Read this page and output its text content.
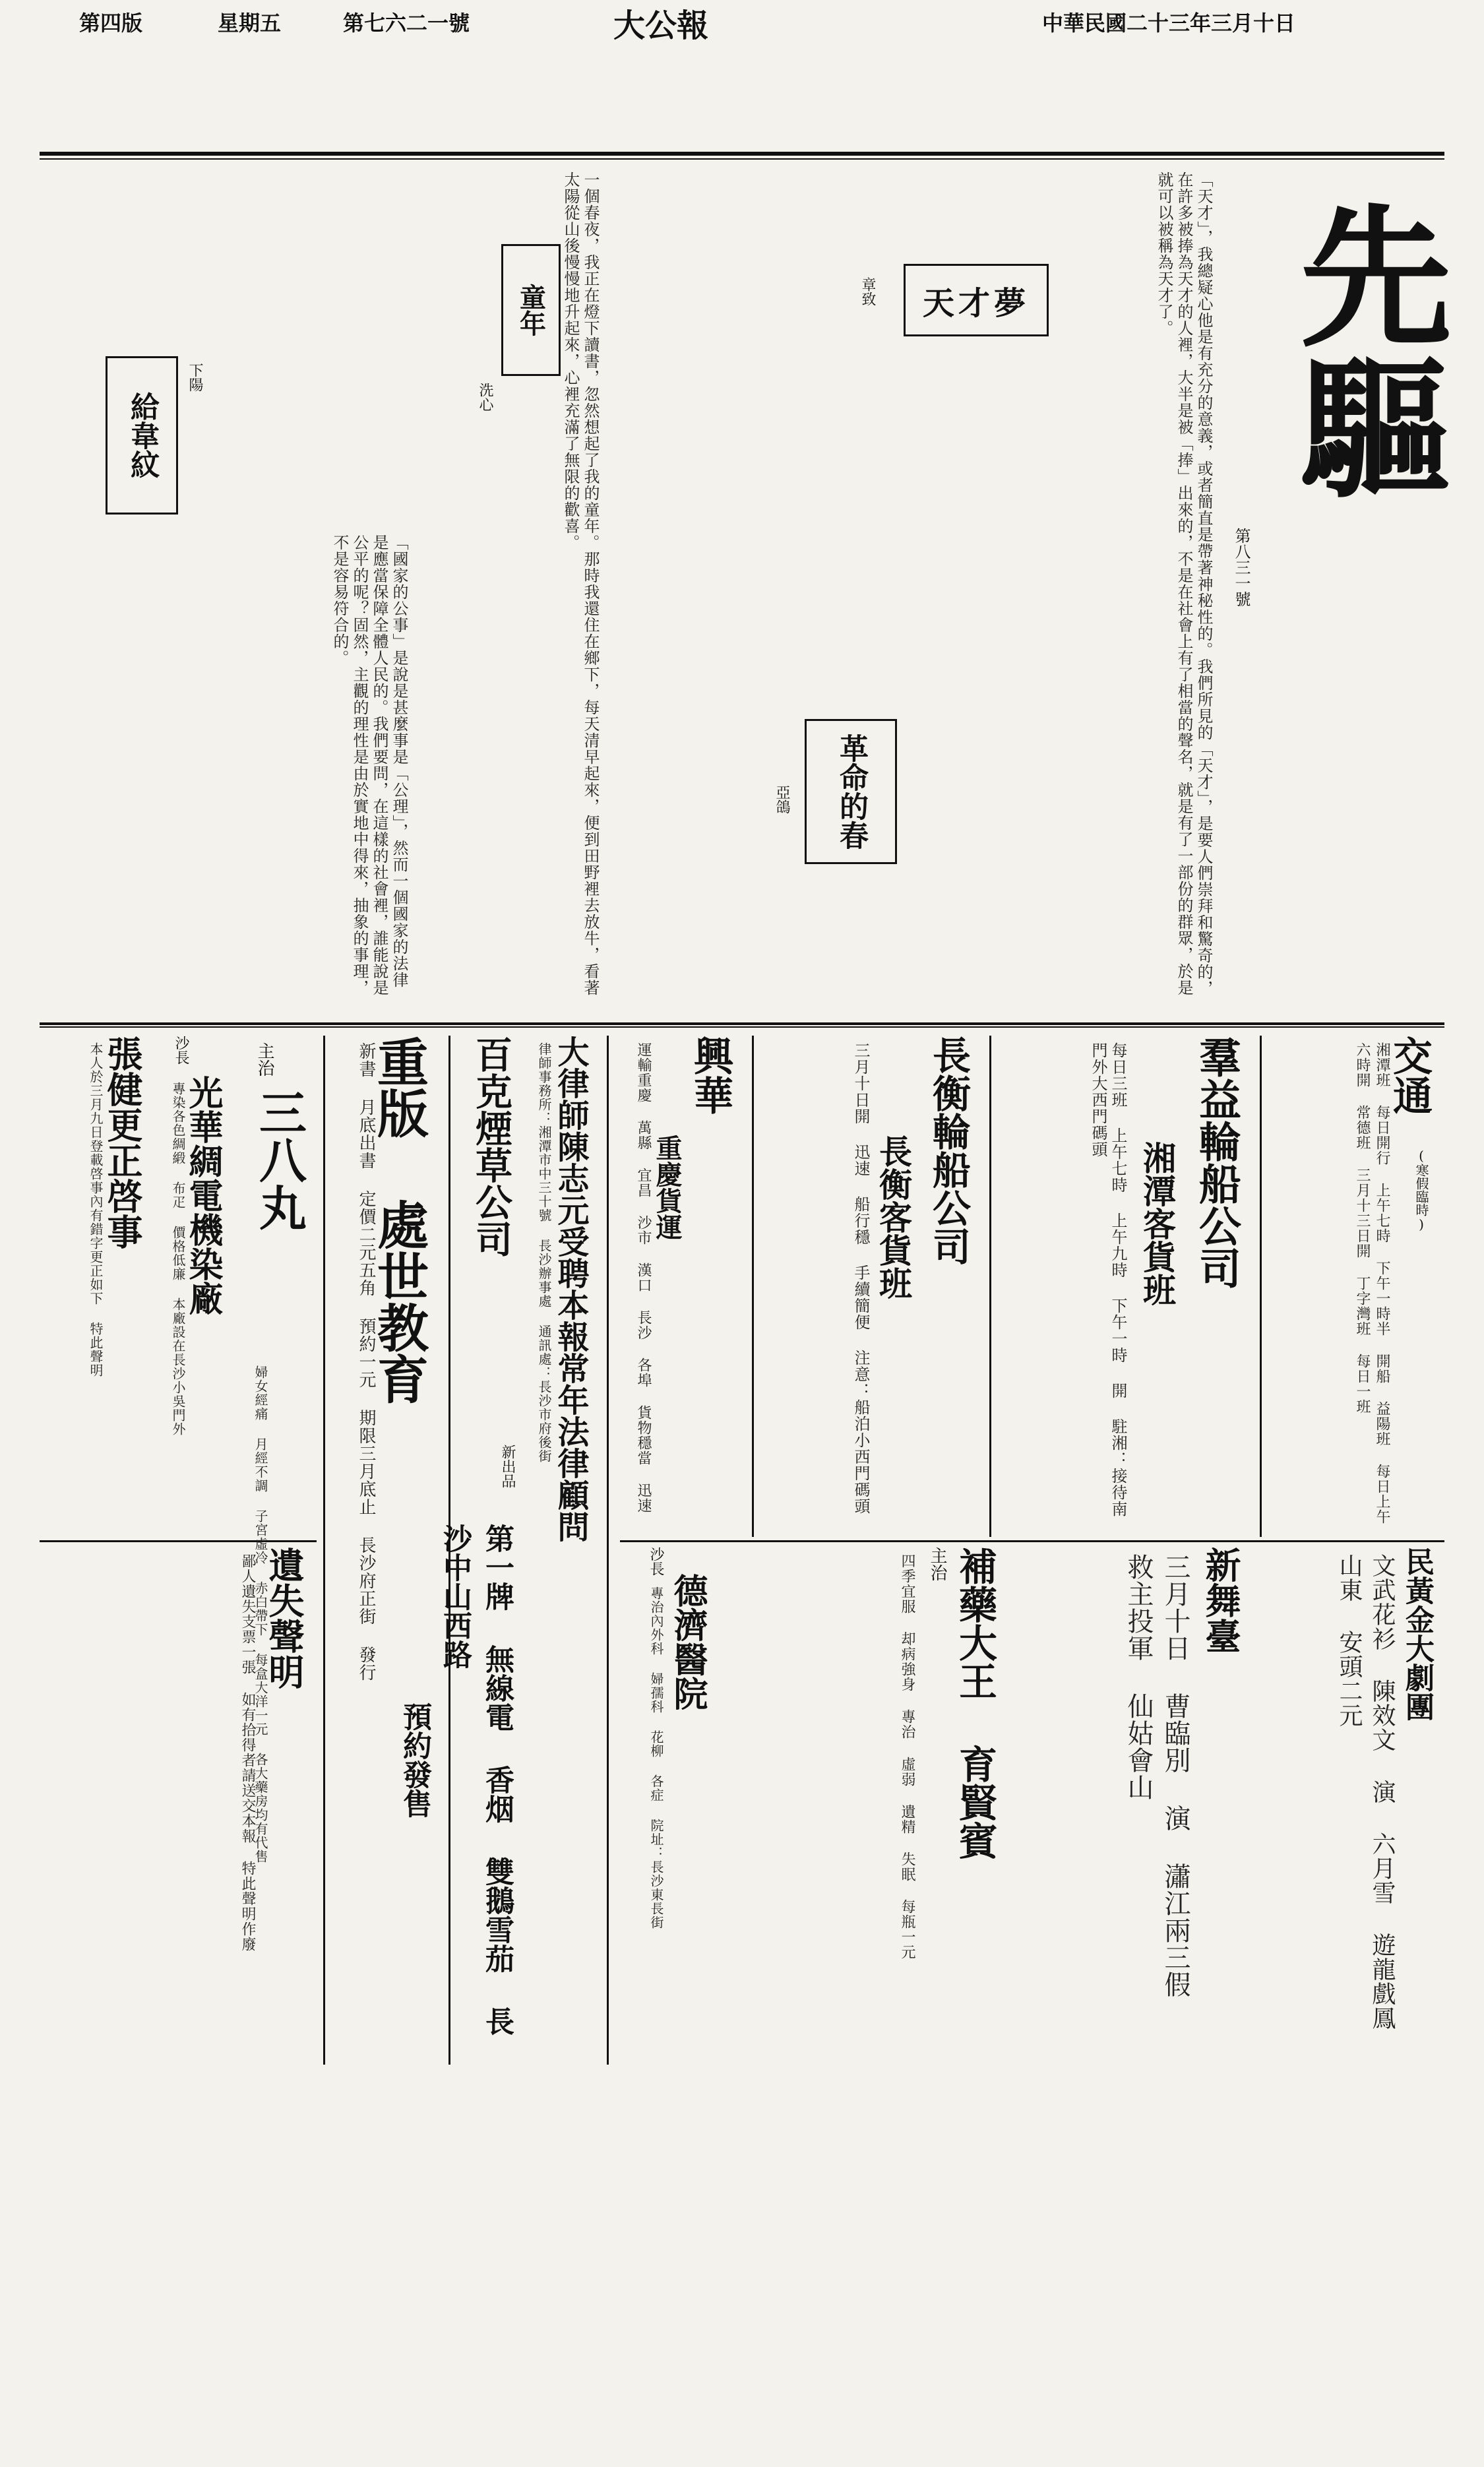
中華民國二十三年三月十日
大公報
第七六二一號
星期五
第四版
先驅
第八三一號
天才夢
章致	「天才」，我總疑心他是有充分的意義，或者簡直是帶著神秘性的。我們所見的「天才」，是要人們崇拜和驚奇的，在許多被捧為天才的人裡，大半是被「捧」出來的，不是在社會上有了相當的聲名，就是有了一部份的群眾，於是就可以被稱為天才了。
童年
洗心	一個春夜，我正在燈下讀書，忽然想起了我的童年。那時我還住在鄉下，每天清早起來，便到田野裡去放牛，看著太陽從山後慢慢地升起來，心裡充滿了無限的歡喜。
革命的春
亞鴿
給韋紋
下陽
「國家的公事」是說是甚麼事是「公理」，然而一個國家的法律是應當保障全體人民的。我們要問，在這樣的社會裡，誰能說是公平的呢？固然，主觀的理性是由於實地中得來，抽象的事理，不是容易符合的。
交通
(寒假臨時)
湘潭班 每日開行 上午七時 下午一時半 開船 益陽班 每日上午六時開 常德班 三月十三日開 丁字灣班 每日一班
羣益輪船公司
湘潭客貨班
每日三班 上午七時 上午九時 下午一時 開 駐湘：接待南門外大西門碼頭
長衡輪船公司
長衡客貨班
三月十日開 迅速 船行穩 手續簡便 注意：船泊小西門碼頭
興華
重慶貨運
運輸重慶 萬縣 宜昌 沙市 漢口 長沙 各埠 貨物穩當 迅速
重版 處世教育
預約發售
新書 月底出書 定價二元五角 預約一元 期限三月底止 長沙府正街 發行	大律師陳志元受聘本報常年法律顧問
律師事務所：湘潭市中三十號 長沙辦事處 通訊處：長沙市府後街
百克煙草公司
新出品
第一牌 無線電 香烟 雙鵝雪茄 長沙中山西路
主治
三八丸
婦女經痛 月經不調 子宮虛冷 赤白帶下 每盒大洋一元 各大藥房均有代售
沙長
光華綢電機染廠
專染各色綢緞 布疋 價格低廉 本廠設在長沙小吳門外
張健更正啓事
本人於三月九日登載啓事內有錯字更正如下 特此聲明
遺失聲明
鄙人遺失支票一張 如有拾得者請送交本報 特此聲明作廢	沙長
德濟醫院
專治內外科 婦孺科 花柳 各症 院址：長沙東長街	補藥大王 育賢賓
主治
四季宜服 却病強身 專治 虛弱 遺精 失眠 每瓶一元	新舞臺
三月十日 曹臨別 演 瀟江兩三假 救主投軍 仙姑會山	民黃金大劇團
文武花衫 陳效文 演 六月雪 遊龍戲鳳 山東 安頭二元
